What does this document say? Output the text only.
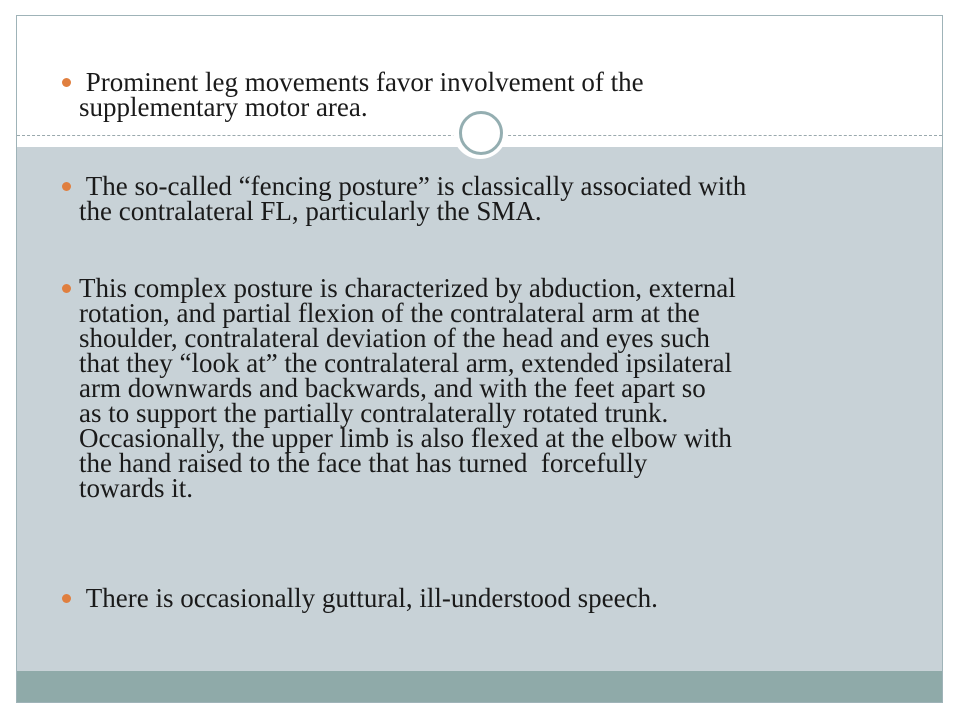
Prominent leg movements favor involvement of the
supplementary motor area.
The so-called “fencing posture” is classically associated with
the contralateral FL, particularly the SMA.
This complex posture is characterized by abduction, external
rotation, and partial flexion of the contralateral arm at the
shoulder, contralateral deviation of the head and eyes such
that they “look at” the contralateral arm, extended ipsilateral
arm downwards and backwards, and with the feet apart so
as to support the partially contralaterally rotated trunk.
Occasionally, the upper limb is also flexed at the elbow with
the hand raised to the face that has turned  forcefully
towards it.
There is occasionally guttural, ill-understood speech.
